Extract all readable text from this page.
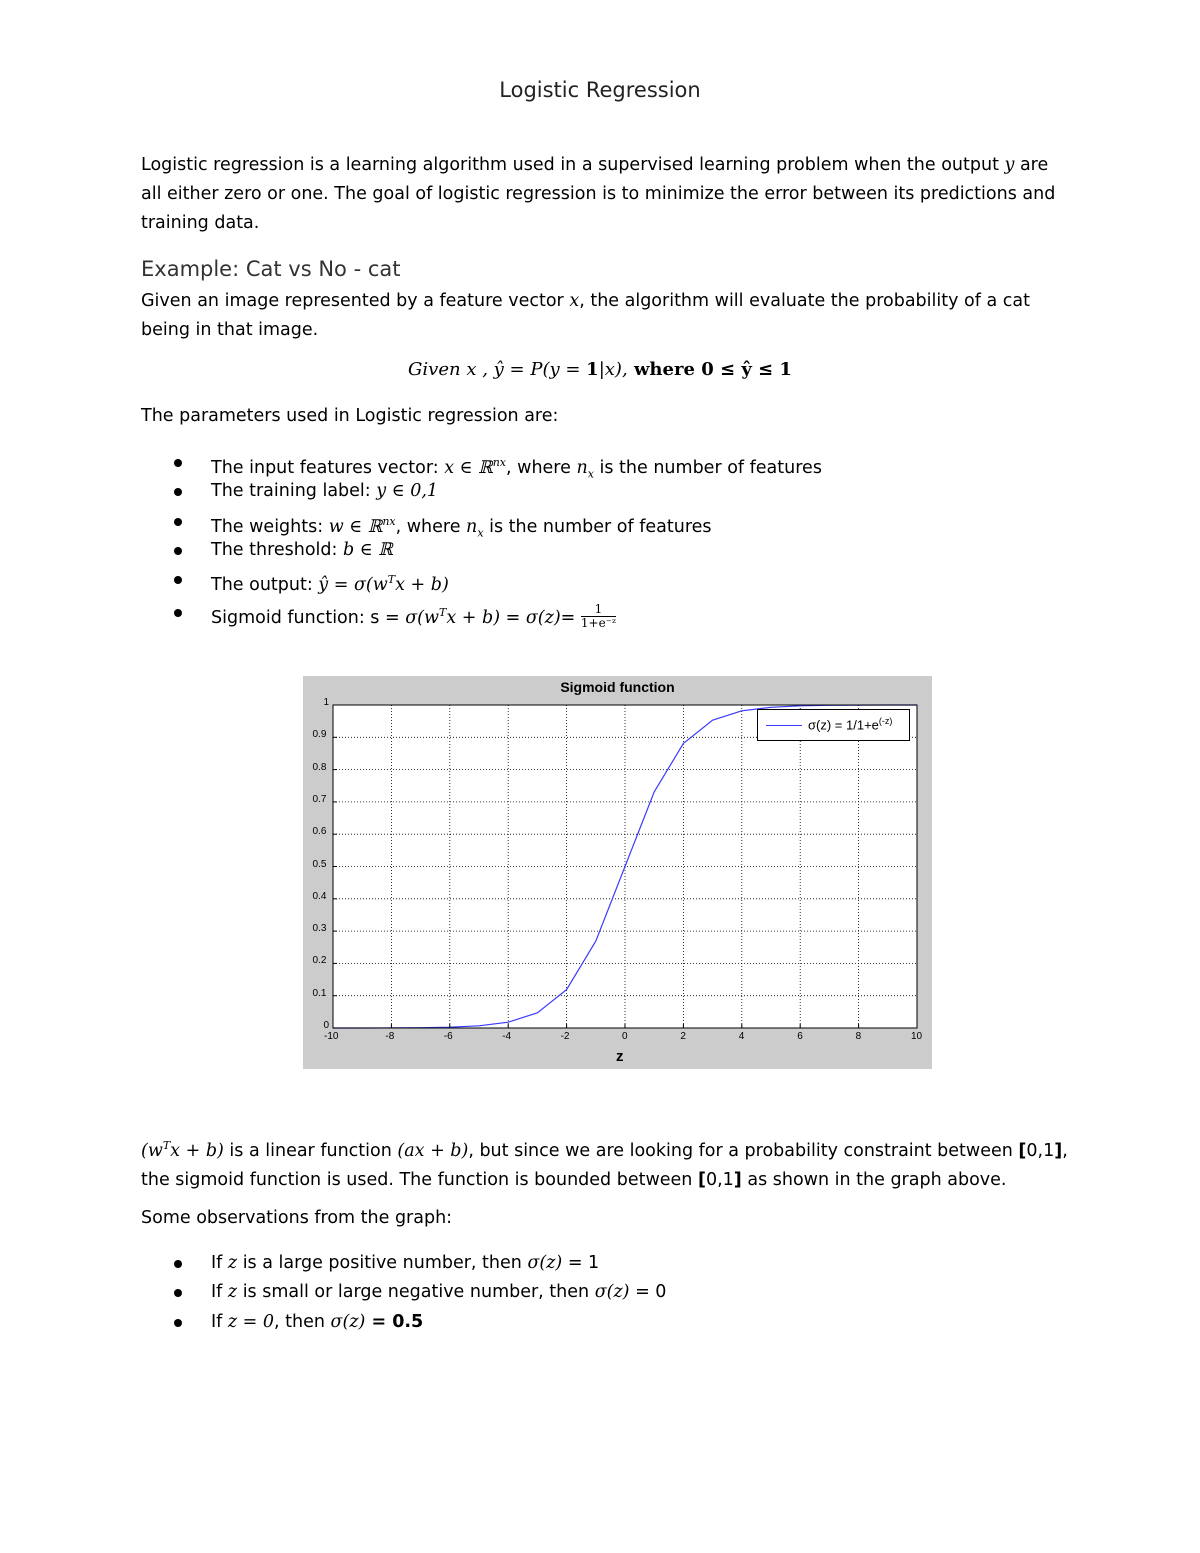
Logistic Regression
Logistic regression is a learning algorithm used in a supervised learning problem when the output y are all either zero or one. The goal of logistic regression is to minimize the error between its predictions and training data.
Example: Cat vs No - cat
Given an image represented by a feature vector x, the algorithm will evaluate the probability of a cat being in that image.
Given x , ŷ = P(y = 1|x), where 0 ≤ ŷ ≤ 1
The parameters used in Logistic regression are:
The input features vector: x ∈ ℝ$^{nx}$, where $n_x$ is the number of features
The training label: y ∈ 0,1
The weights: w ∈ ℝ$^{nx}$, where $n_x$ is the number of features
The threshold: b ∈ ℝ
The output: ŷ = $\sigma(w^Tx + b)$
Sigmoid function: $s = \sigma(w^Tx + b) = \sigma(z)= \frac{1}{\text{1+e⁻ᶻ}}$
Sigmoid function
z
$\sigma(z) = 1/1+e^{(-z)}$
-10	-8	-6	-4	-2	0	2	4	6	8	10
0
0.1
0.2
0.3
0.4
0.5
0.6
0.7
0.8
0.9
1
$(w^Tx + b)$ is a linear function (ax + b), but since we are looking for a probability constraint between [0,1], the sigmoid function is used. The function is bounded between [0,1] as shown in the graph above.
Some observations from the graph:
If z is a large positive number, then σ(z) = 1
If z is small or large negative number, then σ(z) = 0
If z = 0, then σ(z) = 0.5
